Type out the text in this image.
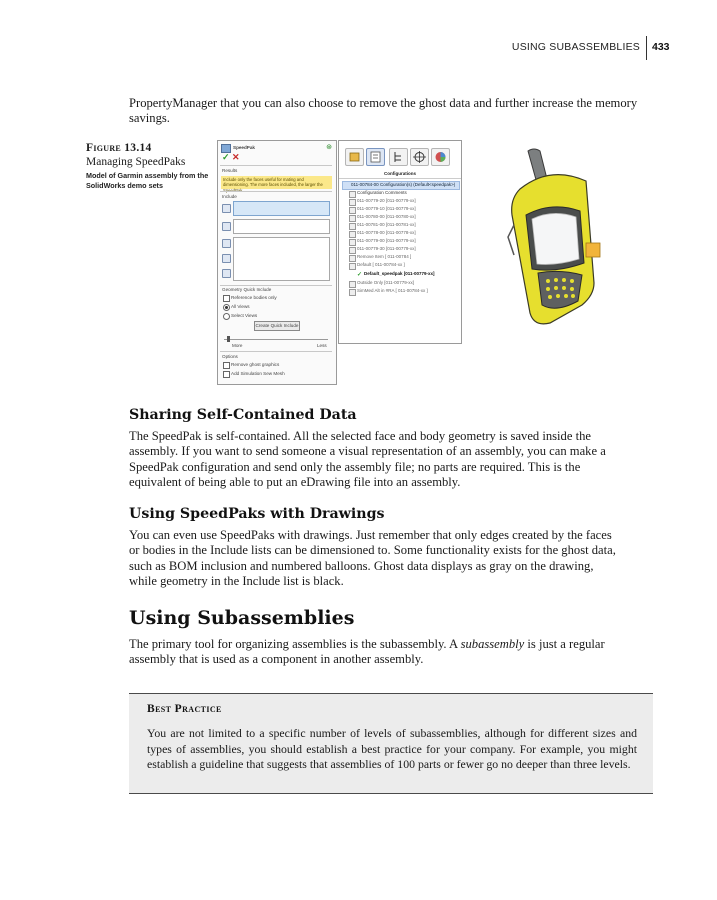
USING SUBASSEMBLIES 433

PropertyManager that you can also choose to remove the ghost data and further increase the memory savings.

Figure 13.14
Managing SpeedPaks
Model of Garmin assembly from the SolidWorks demo sets
SpeedPak	⊛
✓ ✕
Results
Include only the faces useful for mating and dimensioning. The more faces included, the larger the
Include
Geometry Quick Include
Reference bodies only
All Views
Select Views
Create Quick Include
More	Less
Options
Remove ghost graphics
Add Simulation Sew Mesh
Configurations
011-00784-00 Configuration(s) (Default<speedpak>)
Configuration Comments
011-00779-20 [011-00779-xx]
011-00779-10 [011-00779-xx]
011-00780-00 [011-00780-xx]
011-00781-00 [011-00781-xx]
011-00778-00 [011-00778-xx]
011-00779-00 [011-00779-xx]
011-00779-30 [011-00779-xx]
Remove Item [ 011-00784 ]
Default [ 011-00784-xx ]
✓ Default_speedpak [011-00779-xx]
Outside Only [011-00779-xx]
SimMed Alt in #RA [ 011-00784-xx ]
Sharing Self-Contained Data

The SpeedPak is self-contained. All the selected face and body geometry is saved inside the

assembly. If you want to send someone a visual representation of an assembly, you can make a

SpeedPak configuration and send only the assembly file; no parts are required. This is the

equivalent of being able to put an eDrawing file into an assembly.

Using SpeedPaks with Drawings

You can even use SpeedPaks with drawings. Just remember that only edges created by the faces

or bodies in the Include lists can be dimensioned to. Some functionality exists for the ghost data,

such as BOM inclusion and numbered balloons. Ghost data displays as gray on the drawing,

while geometry in the Include list is black.

Using Subassemblies

The primary tool for organizing assemblies is the subassembly. A subassembly is just a regular

assembly that is used as a component in another assembly.

Best Practice

You are not limited to a specific number of levels of subassemblies, although for different sizes and types of assemblies, you should establish a best practice for your company. For example, you might establish a guideline that suggests that assemblies of 100 parts or fewer go no deeper than three levels.
